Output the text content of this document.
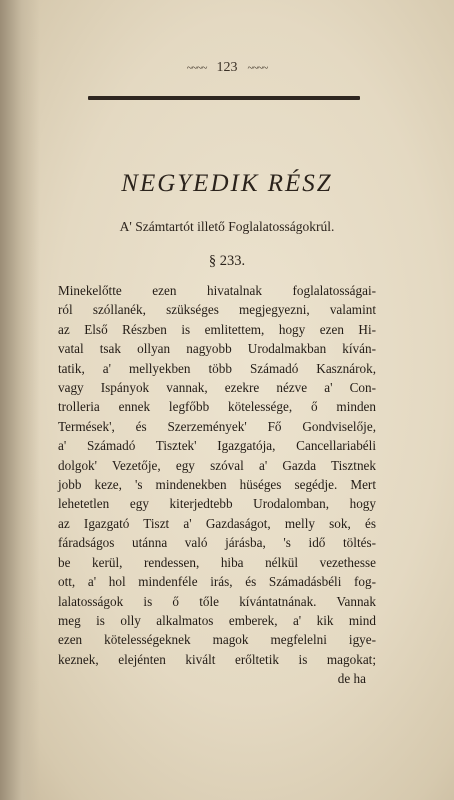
~~~~ 123 ~~~~
NEGYEDIK RÉSZ
A' Számtartót illető Foglalatosságokrúl.
§ 233.
Minekelőtte ezen hivatalnak foglalatosságai-
ról szóllanék, szükséges megjegyezni, valamint
az Első Részben is emlitettem, hogy ezen Hi-
vatal tsak ollyan nagyobb Urodalmakban kíván-
tatik, a' mellyekben több Számadó Kasznárok,
vagy Ispányok vannak, ezekre nézve a' Con-
trolleria ennek legfőbb kötelessége, ő minden
Termések', és Szerzemények' Fő Gondviselője,
a' Számadó Tisztek' Igazgatója, Cancellariabéli
dolgok' Vezetője, egy szóval a' Gazda Tisztnek
jobb keze, 's mindenekben hüséges segédje. Mert
lehetetlen egy kiterjedtebb Urodalomban, hogy
az Igazgató Tiszt a' Gazdaságot, melly sok, és
fáradságos utánna való járásba, 's idő töltés-
be kerül, rendessen, hiba nélkül vezethesse
ott, a' hol mindenféle irás, és Számadásbéli fog-
lalatosságok is ő tőle kívántatnának. Vannak
meg is olly alkalmatos emberek, a' kik mind
ezen kötelességeknek magok megfelelni igye-
keznek, elejénten kivált erőltetik is magokat;
de ha
